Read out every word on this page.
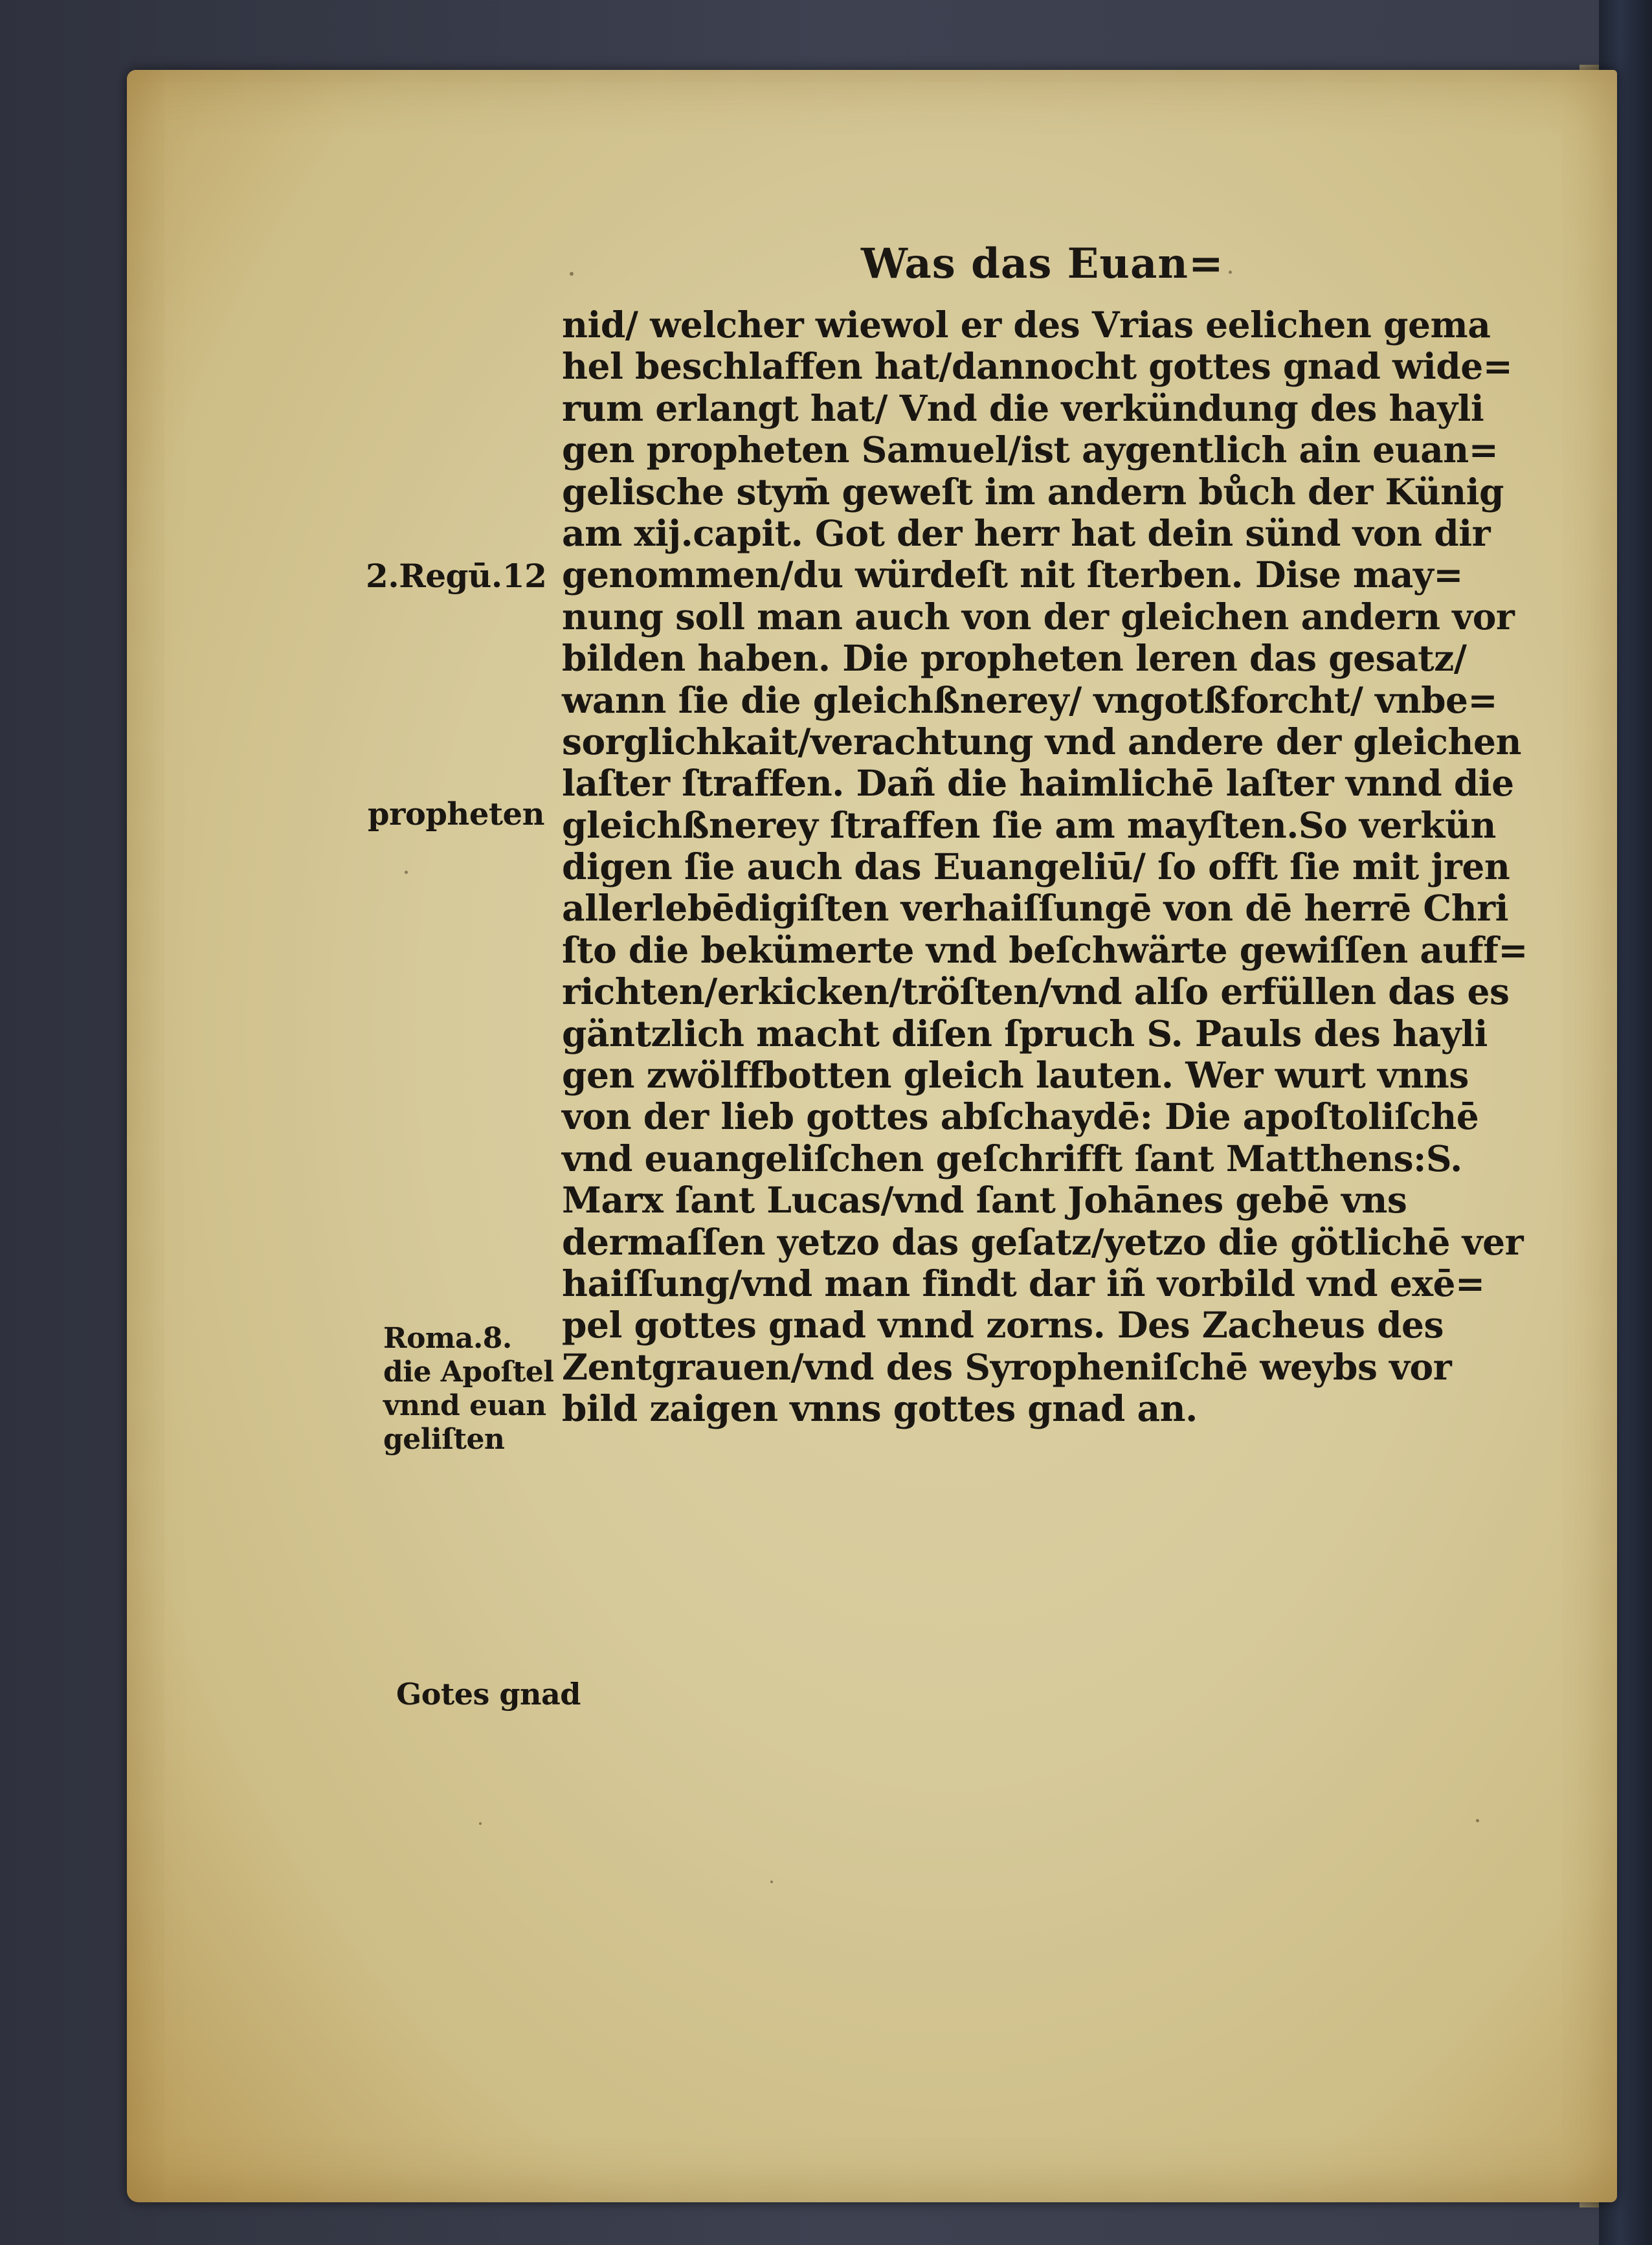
Was das Euan=
nid/ welcher wiewol er des Vrias eelichen gema
hel beschlaffen hat/dannocht gottes gnad wide=
rum erlangt hat/ Vnd die verkündung des hayli
gen propheten Samuel/ist aygentlich ain euan=
gelische stym̄ geweſt im andern bůch der Künig
am xij.capit. Got der herr hat dein sünd von dir
genommen/du würdeſt nit ſterben. Dise may=
nung soll man auch von der gleichen andern vor
bilden haben. Die propheten leren das gesatz/
wann ſie die gleichßnerey/ vngotßforcht/ vnbe=
sorglichkait/verachtung vnd andere der gleichen
laſter ſtraffen. Dañ die haimlichē laſter vnnd die
gleichßnerey ſtraffen ſie am mayſten.So verkün
digen ſie auch das Euangeliū/ ſo offt ſie mit jren
allerlebēdigiſten verhaiſſungē von dē herrē Chri
ſto die bekümerte vnd beſchwärte gewiſſen auff=
richten/erkicken/tröſten/vnd alſo erfüllen das es
gäntzlich macht diſen ſpruch S. Pauls des hayli
gen zwölffbotten gleich lauten. Wer wurt vnns
von der lieb gottes abſchaydē: Die apoſtoliſchē
vnd euangeliſchen geſchrifft ſant Matthens:S.
Marx ſant Lucas/vnd ſant Johānes gebē vns
dermaſſen yetzo das geſatz/yetzo die götlichē ver
haiſſung/vnd man findt dar iñ vorbild vnd exē=
pel gottes gnad vnnd zorns. Des Zacheus des
Zentgrauen/vnd des Syropheniſchē weybs vor
bild zaigen vnns gottes gnad an.
2.Regū.12
propheten
Roma.8.
die Apoſtel
vnnd euan
geliſten
Gotes gnad
